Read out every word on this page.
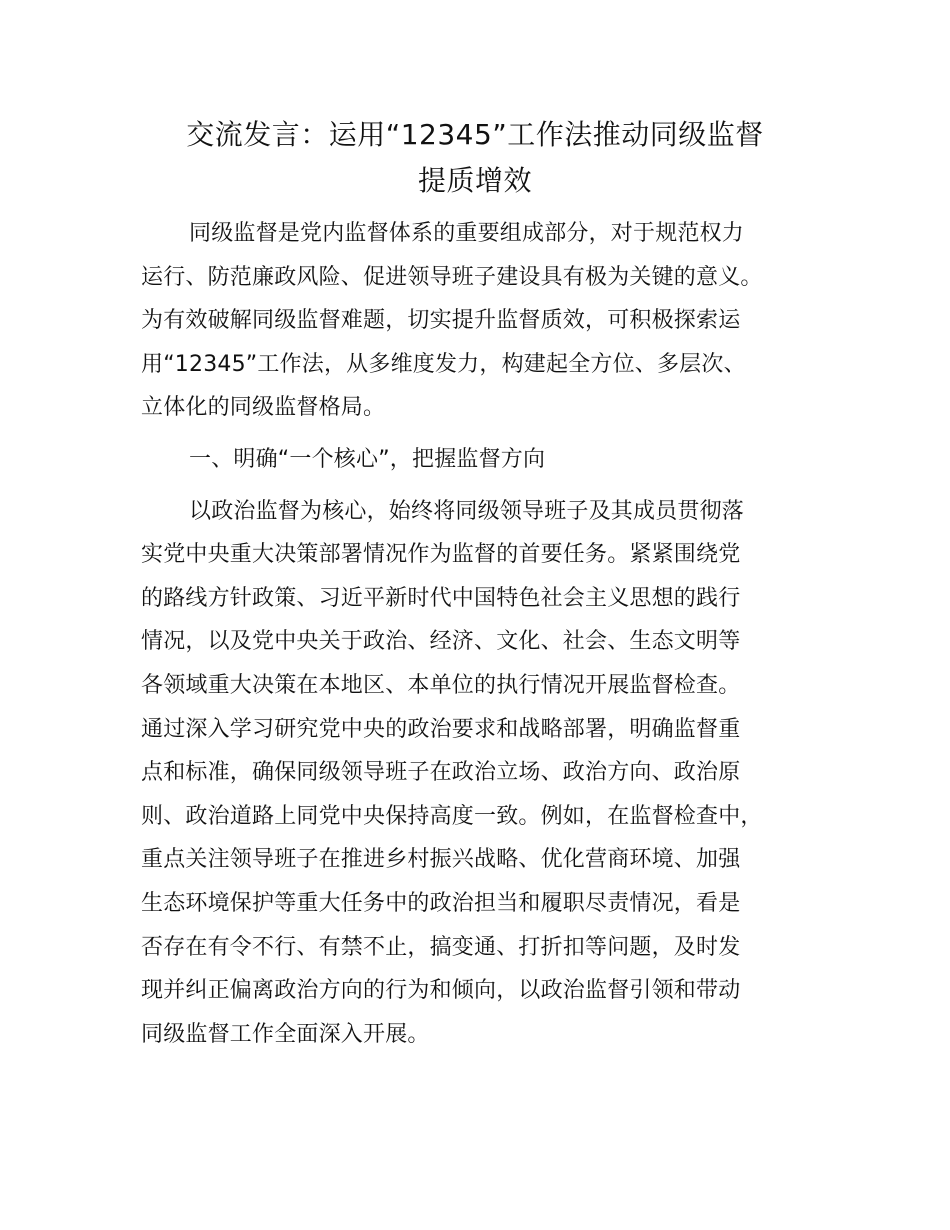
交流发言：运用“12345”工作法推动同级监督
提质增效
同级监督是党内监督体系的重要组成部分，对于规范权力
运行、防范廉政风险、促进领导班子建设具有极为关键的意义。
为有效破解同级监督难题，切实提升监督质效，可积极探索运
用“12345”工作法，从多维度发力，构建起全方位、多层次、
立体化的同级监督格局。
一、明确“一个核心”，把握监督方向
以政治监督为核心，始终将同级领导班子及其成员贯彻落
实党中央重大决策部署情况作为监督的首要任务。紧紧围绕党
的路线方针政策、习近平新时代中国特色社会主义思想的践行
情况，以及党中央关于政治、经济、文化、社会、生态文明等
各领域重大决策在本地区、本单位的执行情况开展监督检查。
通过深入学习研究党中央的政治要求和战略部署，明确监督重
点和标准，确保同级领导班子在政治立场、政治方向、政治原
则、政治道路上同党中央保持高度一致。例如，在监督检查中，
重点关注领导班子在推进乡村振兴战略、优化营商环境、加强
生态环境保护等重大任务中的政治担当和履职尽责情况，看是
否存在有令不行、有禁不止，搞变通、打折扣等问题，及时发
现并纠正偏离政治方向的行为和倾向，以政治监督引领和带动
同级监督工作全面深入开展。
